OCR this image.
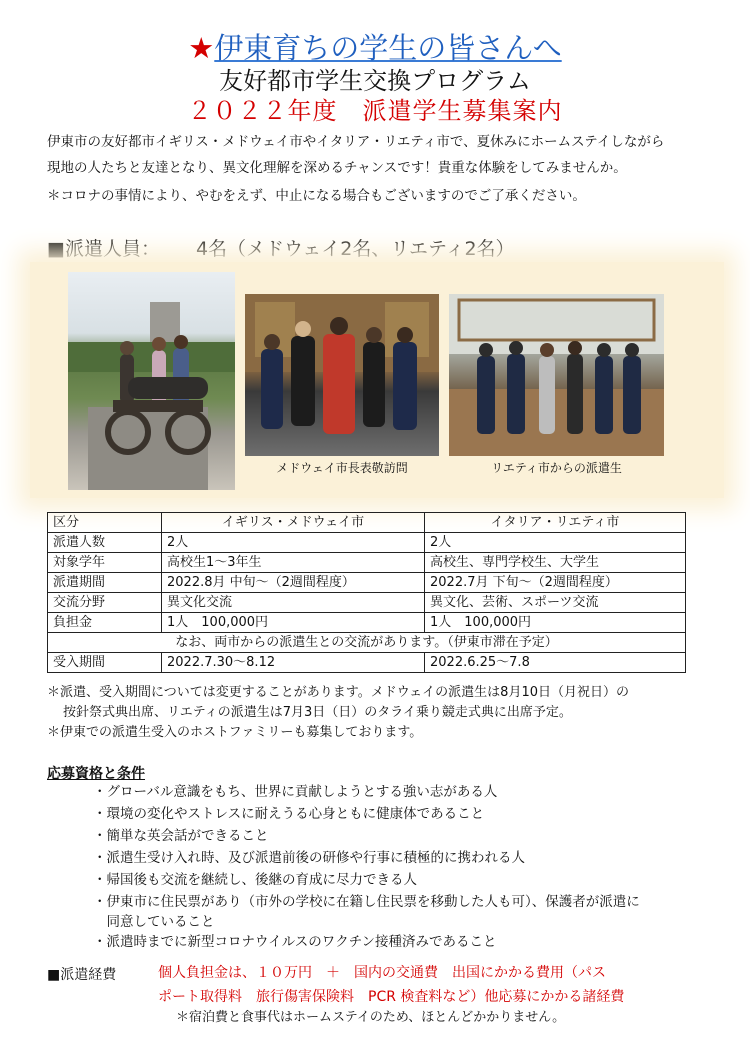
★伊東育ちの学生の皆さんへ
友好都市学生交換プログラム
２０２２年度　派遣学生募集案内
伊東市の友好都市イギリス・メドウェイ市やイタリア・リエティ市で、夏休みにホームステイしながら
現地の人たちと友達となり、異文化理解を深めるチャンスです！貴重な体験をしてみませんか。
＊コロナの事情により、やむをえず、中止になる場合もございますのでご了承ください。
■派遣人員： 4名（メドウェイ2名、リエティ2名）
メドウェイ市長表敬訪問	リエティ市からの派遣生
区分	イギリス・メドウェイ市	イタリア・リエティ市
派遣人数	2人	2人
対象学年	高校生1～3年生	高校生、専門学校生、大学生
派遣期間	2022.8月 中旬～（2週間程度）	2022.7月 下旬～（2週間程度）
交流分野	異文化交流	異文化、芸術、スポーツ交流
負担金	1人　100,000円	1人　100,000円
なお、両市からの派遣生との交流があります。（伊東市滞在予定）		
受入期間	2022.7.30～8.12	2022.6.25～7.8
＊派遣、受入期間については変更することがあります。メドウェイの派遣生は8月10日（月祝日）の
按針祭式典出席、リエティの派遣生は7月3日（日）のタライ乗り競走式典に出席予定。
＊伊東での派遣生受入のホストファミリーも募集しております。
応募資格と条件
・グローバル意識をもち、世界に貢献しようとする強い志がある人
・環境の変化やストレスに耐えうる心身ともに健康体であること
・簡単な英会話ができること
・派遣生受け入れ時、及び派遣前後の研修や行事に積極的に携われる人
・帰国後も交流を継続し、後継の育成に尽力できる人
・伊東市に住民票があり（市外の学校に在籍し住民票を移動した人も可）、保護者が派遣に
　同意していること
・派遣時までに新型コロナウイルスのワクチン接種済みであること
■派遣経費	個人負担金は、１０万円　＋　国内の交通費　出国にかかる費用（パス
ポート取得料　旅行傷害保険料　PCR 検査料など）他応募にかかる諸経費
＊宿泊費と食事代はホームステイのため、ほとんどかかりません。
